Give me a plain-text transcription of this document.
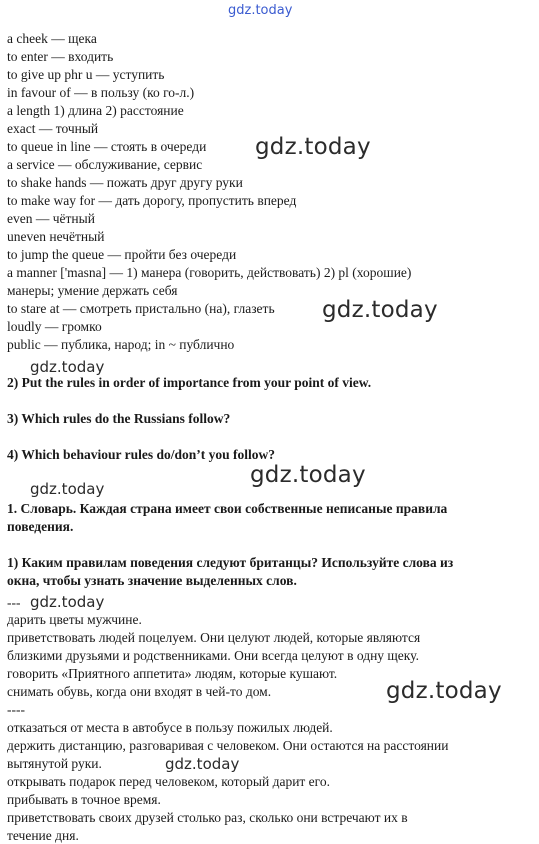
gdz.today
a cheek — щека
to enter — входить
to give up phr u — уступить
in favour of — в пользу (ко го-л.)
a length 1) длина 2) расстояние
exact — точный
to queue in line — стоять в очереди
a service — обслуживание, сервис
to shake hands — пожать друг другу руки
to make way for — дать дорогу, пропустить вперед
even — чётный
uneven нечётный
to jump the queue — пройти без очереди
a manner ['masna] — 1) манера (говорить, действовать) 2) pl (хорошие)
манеры; умение держать себя
to stare at — смотреть пристально (на), глазеть
loudly — громко
public — публика, народ; in ~ публично
2) Put the rules in order of importance from your point of view.
3) Which rules do the Russians follow?
4) Which behaviour rules do/don’t you follow?
1. Словарь. Каждая страна имеет свои собственные неписаные правила
поведения.
1) Каким правилам поведения следуют британцы? Используйте слова из
окна, чтобы узнать значение выделенных слов.
---
дарить цветы мужчине.
приветствовать людей поцелуем. Они целуют людей, которые являются
близкими друзьями и родственниками. Они всегда целуют в одну щеку.
говорить «Приятного аппетита» людям, которые кушают.
снимать обувь, когда они входят в чей-то дом.
----
отказаться от места в автобусе в пользу пожилых людей.
держить дистанцию, разговаривая с человеком. Они остаются на расстоянии
вытянутой руки.
открывать подарок перед человеком, который дарит его.
прибывать в точное время.
приветствовать своих друзей столько раз, сколько они встречают их в
течение дня.
gdz.today
gdz.today
gdz.today
gdz.today
gdz.today
gdz.today
gdz.today
gdz.today
